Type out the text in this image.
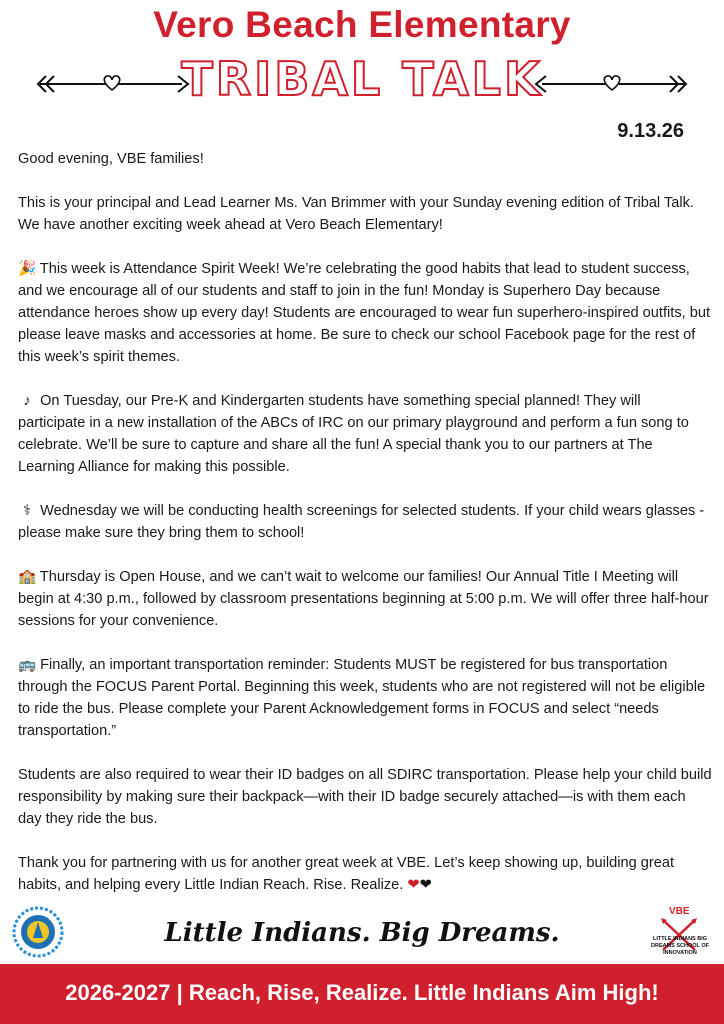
Vero Beach Elementary
TRIBAL TALK
9.13.26

Good evening, VBE families!

This is your principal and Lead Learner Ms. Van Brimmer with your Sunday evening edition of Tribal Talk. We have another exciting week ahead at Vero Beach Elementary!

🎉 This week is Attendance Spirit Week! We’re celebrating the good habits that lead to student success, and we encourage all of our students and staff to join in the fun! Monday is Superhero Day because attendance heroes show up every day! Students are encouraged to wear fun superhero-inspired outfits, but please leave masks and accessories at home. Be sure to check our school Facebook page for the rest of this week’s spirit themes.

♪ On Tuesday, our Pre-K and Kindergarten students have something special planned! They will participate in a new installation of the ABCs of IRC on our primary playground and perform a fun song to celebrate. We’ll be sure to capture and share all the fun! A special thank you to our partners at The Learning Alliance for making this possible.

⚕ Wednesday we will be conducting health screenings for selected students. If your child wears glasses - please make sure they bring them to school!

🏫 Thursday is Open House, and we can’t wait to welcome our families! Our Annual Title I Meeting will begin at 4:30 p.m., followed by classroom presentations beginning at 5:00 p.m. We will offer three half-hour sessions for your convenience.

🚌 Finally, an important transportation reminder: Students MUST be registered for bus transportation through the FOCUS Parent Portal. Beginning this week, students who are not registered will not be eligible to ride the bus. Please complete your Parent Acknowledgement forms in FOCUS and select “needs transportation.”

Students are also required to wear their ID badges on all SDIRC transportation. Please help your child build responsibility by making sure their backpack—with their ID badge securely attached—is with them each day they ride the bus.

Thank you for partnering with us for another great week at VBE. Let’s keep showing up, building great habits, and helping every Little Indian Reach. Rise. Realize. ❤❤

Little Indians. Big Dreams.
VBE
LITTLE INDIANS BIG DREAMS SCHOOL OF INNOVATION
2026-2027 | Reach, Rise, Realize. Little Indians Aim High!
